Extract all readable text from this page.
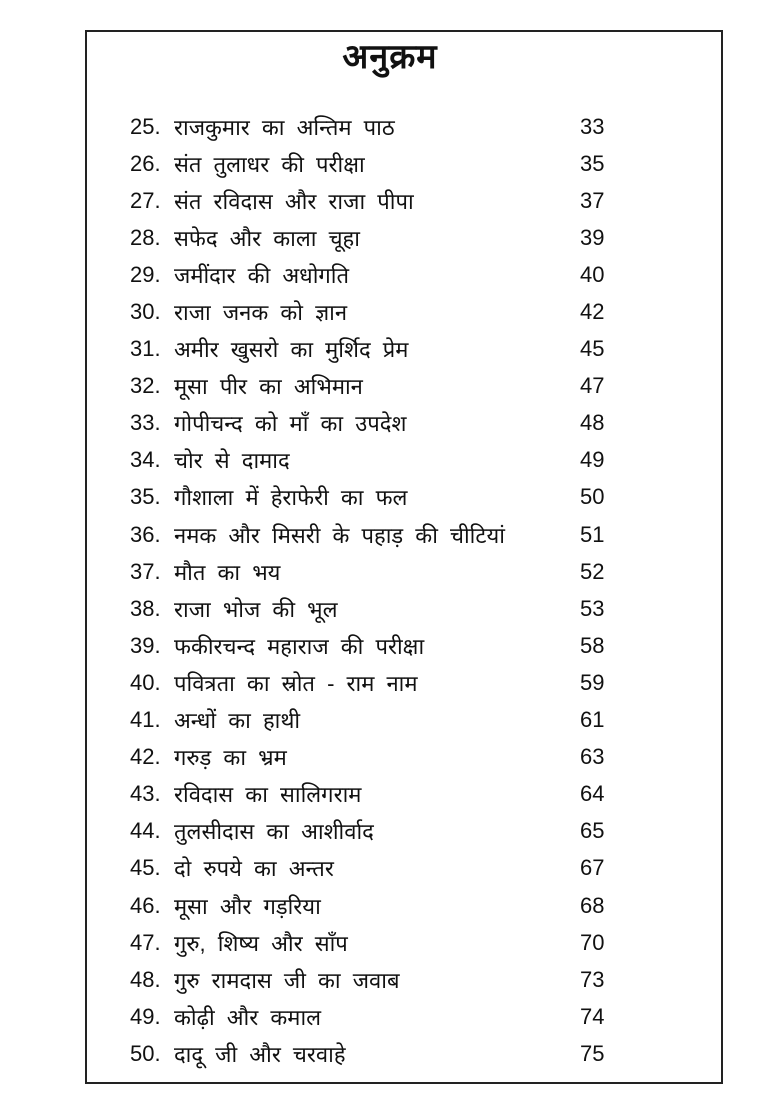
अनुक्रम
25. राजकुमार का अन्तिम पाठ	33
26. संत तुलाधर की परीक्षा	35
27. संत रविदास और राजा पीपा	37
28. सफेद और काला चूहा	39
29. जमींदार की अधोगति	40
30. राजा जनक को ज्ञान	42
31. अमीर खुसरो का मुर्शिद प्रेम	45
32. मूसा पीर का अभिमान	47
33. गोपीचन्द को माँ का उपदेश	48
34. चोर से दामाद	49
35. गौशाला में हेराफेरी का फल	50
36. नमक और मिसरी के पहाड़ की चीटियां	51
37. मौत का भय	52
38. राजा भोज की भूल	53
39. फकीरचन्द महाराज की परीक्षा	58
40. पवित्रता का स्रोत - राम नाम	59
41. अन्धों का हाथी	61
42. गरुड़ का भ्रम	63
43. रविदास का सालिगराम	64
44. तुलसीदास का आशीर्वाद	65
45. दो रुपये का अन्तर	67
46. मूसा और गड़रिया	68
47. गुरु, शिष्य और साँप	70
48. गुरु रामदास जी का जवाब	73
49. कोढ़ी और कमाल	74
50. दादू जी और चरवाहे	75
